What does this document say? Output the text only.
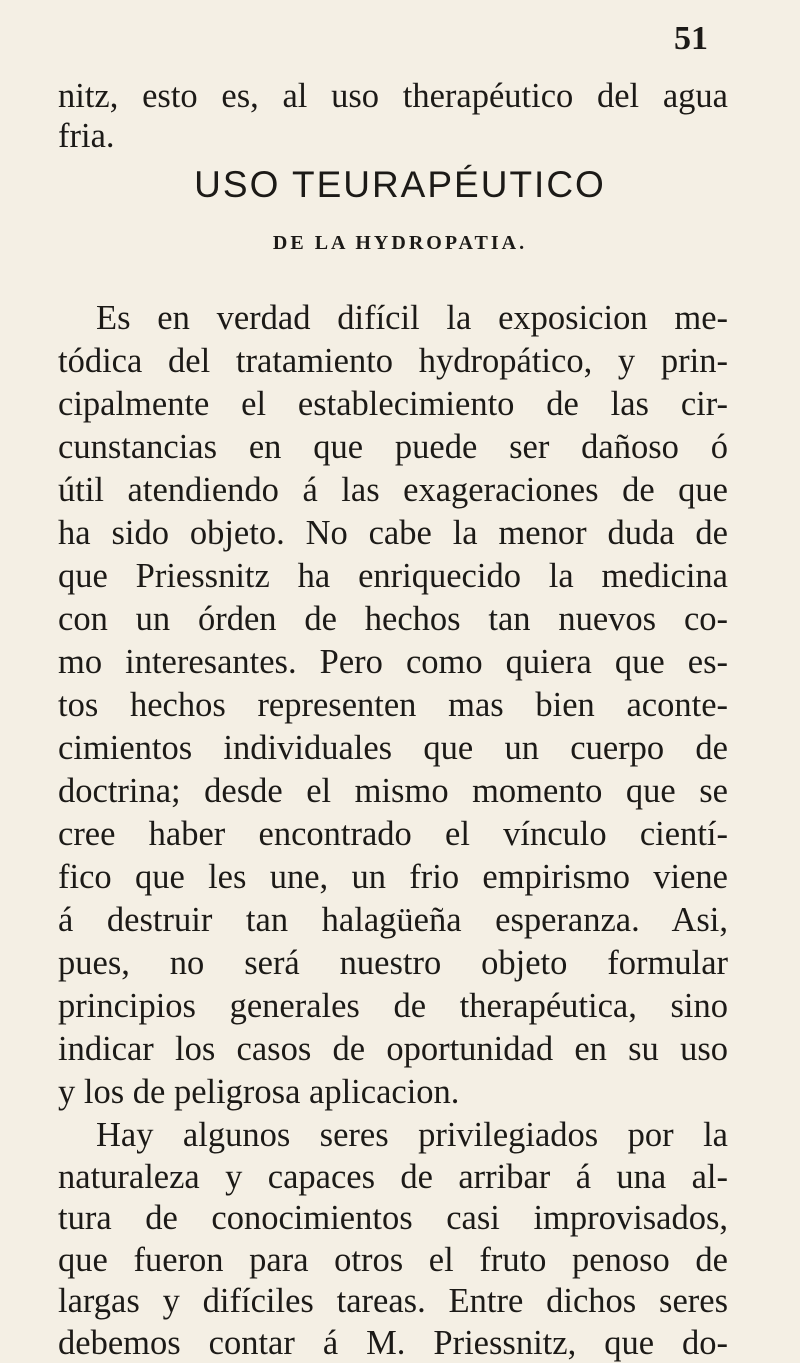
51
nitz, esto es, al uso therapéutico del agua
fria.
USO TEURAPÉUTICO
DE LA HYDROPATIA.
Es en verdad difícil la exposicion me-
tódica del tratamiento hydropático, y prin-
cipalmente el establecimiento de las cir-
cunstancias en que puede ser dañoso ó
útil atendiendo á las exageraciones de que
ha sido objeto. No cabe la menor duda de
que Priessnitz ha enriquecido la medicina
con un órden de hechos tan nuevos co-
mo interesantes. Pero como quiera que es-
tos hechos representen mas bien aconte-
cimientos individuales que un cuerpo de
doctrina; desde el mismo momento que se
cree haber encontrado el vínculo cientí-
fico que les une, un frio empirismo viene
á destruir tan halagüeña esperanza. Asi,
pues, no será nuestro objeto formular
principios generales de therapéutica, sino
indicar los casos de oportunidad en su uso
y los de peligrosa aplicacion.
Hay algunos seres privilegiados por la
naturaleza y capaces de arribar á una al-
tura de conocimientos casi improvisados,
que fueron para otros el fruto penoso de
largas y difíciles tareas. Entre dichos seres
debemos contar á M. Priessnitz, que do-
